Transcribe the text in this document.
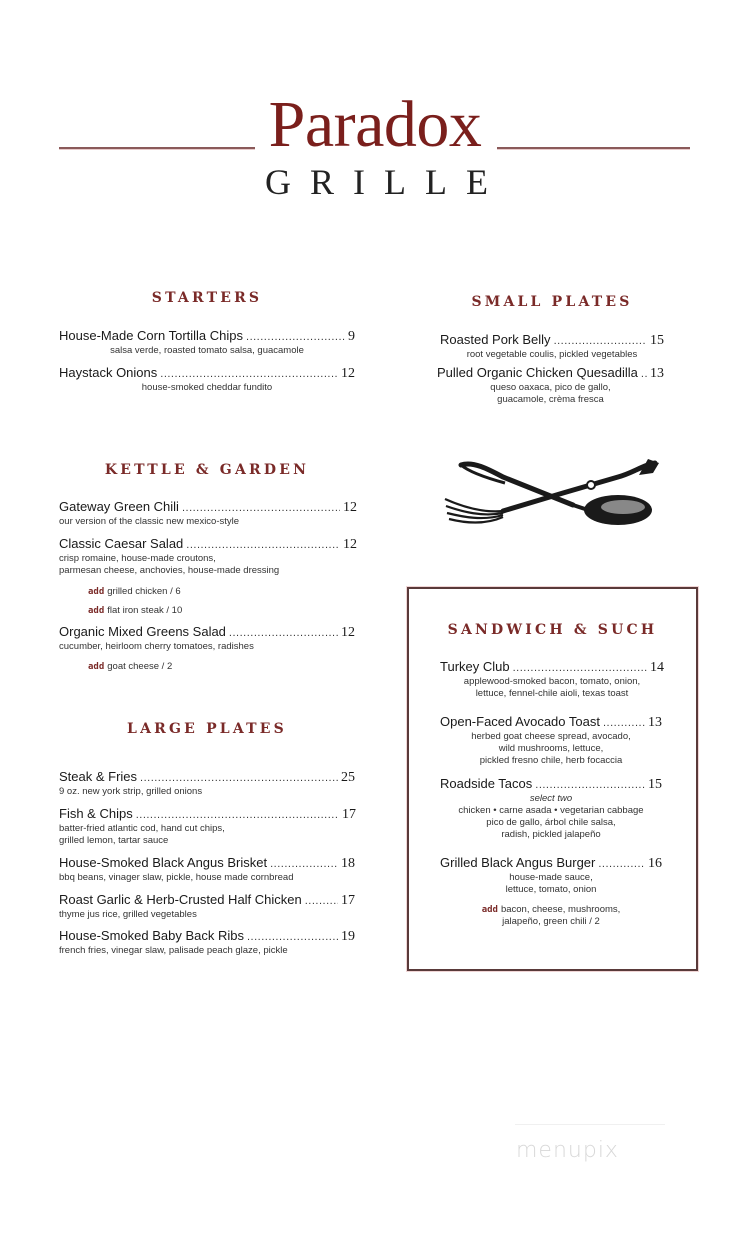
Paradox
GRILLE
STARTERS
House-Made Corn Tortilla Chips .....	9
salsa verde, roasted tomato salsa, guacamole
Haystack Onions .....	12
house-smoked cheddar fundito
SMALL PLATES
Roasted Pork Belly .....	15
root vegetable coulis, pickled vegetables
Pulled Organic Chicken Quesadilla ..... 13
queso oaxaca, pico de gallo,
guacamole, crèma fresca
KETTLE & GARDEN
Gateway Green Chili .....	12
our version of the classic new mexico-style
Classic Caesar Salad .....	12
crisp romaine, house-made croutons,
parmesan cheese, anchovies, house-made dressing
add grilled chicken / 6
add flat iron steak / 10
Organic Mixed Greens Salad .....	12
cucumber, heirloom cherry tomatoes, radishes
add goat cheese / 2
LARGE PLATES
Steak & Fries .....	25
9 oz. new york strip, grilled onions
Fish & Chips .....	17
batter-fried atlantic cod, hand cut chips,
grilled lemon, tartar sauce
House-Smoked Black Angus Brisket .....	18
bbq beans, vinager slaw, pickle, house made cornbread
Roast Garlic & Herb-Crusted Half Chicken .....	17
thyme jus rice, grilled vegetables
House-Smoked Baby Back Ribs .....	19
french fries, vinegar slaw, palisade peach glaze, pickle
SANDWICH & SUCH
Turkey Club .....	14
applewood-smoked bacon, tomato, onion,
lettuce, fennel-chile aioli, texas toast
Open-Faced Avocado Toast .....	13
herbed goat cheese spread, avocado,
wild mushrooms, lettuce,
pickled fresno chile, herb focaccia
Roadside Tacos .....	15
select two
chicken • carne asada • vegetarian cabbage
pico de gallo, árbol chile salsa,
radish, pickled jalapeño
Grilled Black Angus Burger .....	16
house-made sauce,
lettuce, tomato, onion
add bacon, cheese, mushrooms,
jalapeño, green chili / 2
menupix
